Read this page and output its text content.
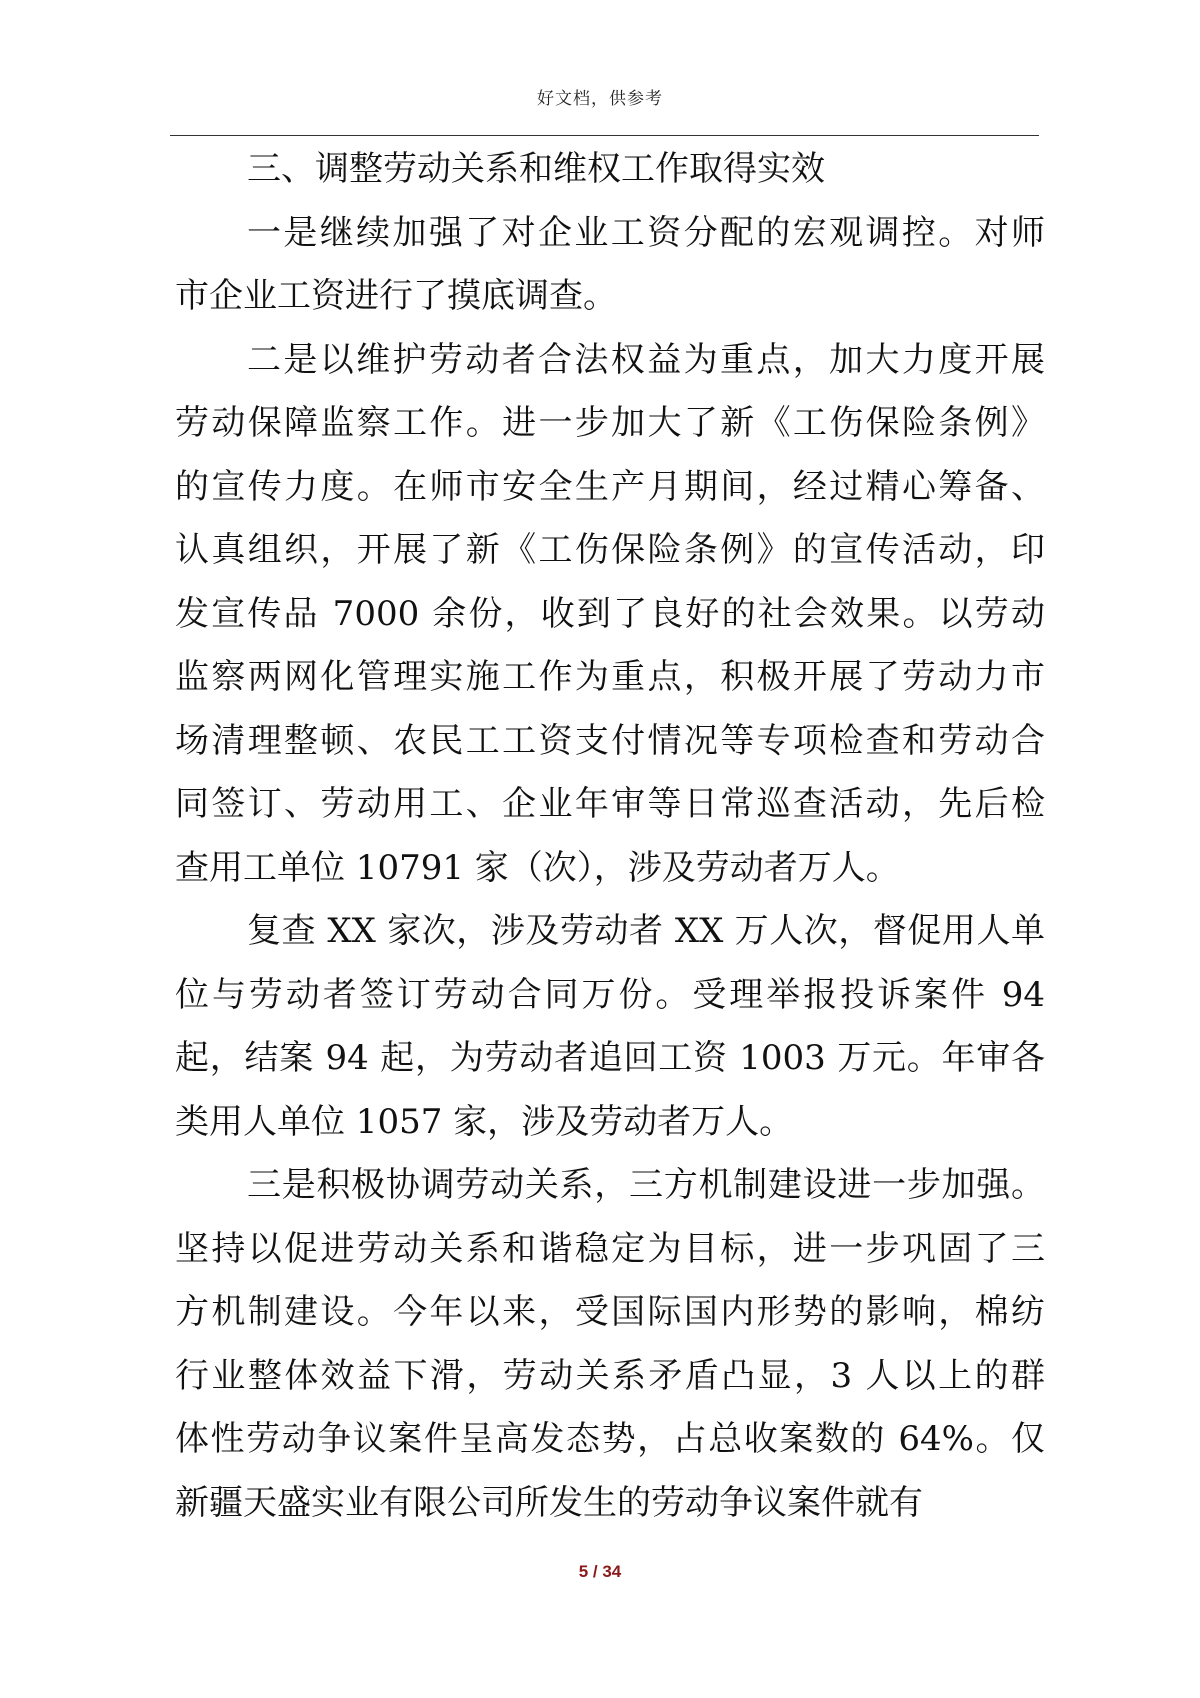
好文档，供参考
三、调整劳动关系和维权工作取得实效
一是继续加强了对企业工资分配的宏观调控。对师
市企业工资进行了摸底调查。
二是以维护劳动者合法权益为重点，加大力度开展
劳动保障监察工作。进一步加大了新《工伤保险条例》
的宣传力度。在师市安全生产月期间，经过精心筹备、
认真组织，开展了新《工伤保险条例》的宣传活动，印
发宣传品 7000 余份，收到了良好的社会效果。以劳动
监察两网化管理实施工作为重点，积极开展了劳动力市
场清理整顿、农民工工资支付情况等专项检查和劳动合
同签订、劳动用工、企业年审等日常巡查活动，先后检
查用工单位 10791 家（次），涉及劳动者万人。
复查 XX 家次，涉及劳动者 XX 万人次，督促用人单
位与劳动者签订劳动合同万份。受理举报投诉案件 94
起，结案 94 起，为劳动者追回工资 1003 万元。年审各
类用人单位 1057 家，涉及劳动者万人。
三是积极协调劳动关系，三方机制建设进一步加强。
坚持以促进劳动关系和谐稳定为目标，进一步巩固了三
方机制建设。今年以来，受国际国内形势的影响，棉纺
行业整体效益下滑，劳动关系矛盾凸显，3 人以上的群
体性劳动争议案件呈高发态势，占总收案数的 64%。仅
新疆天盛实业有限公司所发生的劳动争议案件就有
5 / 34
